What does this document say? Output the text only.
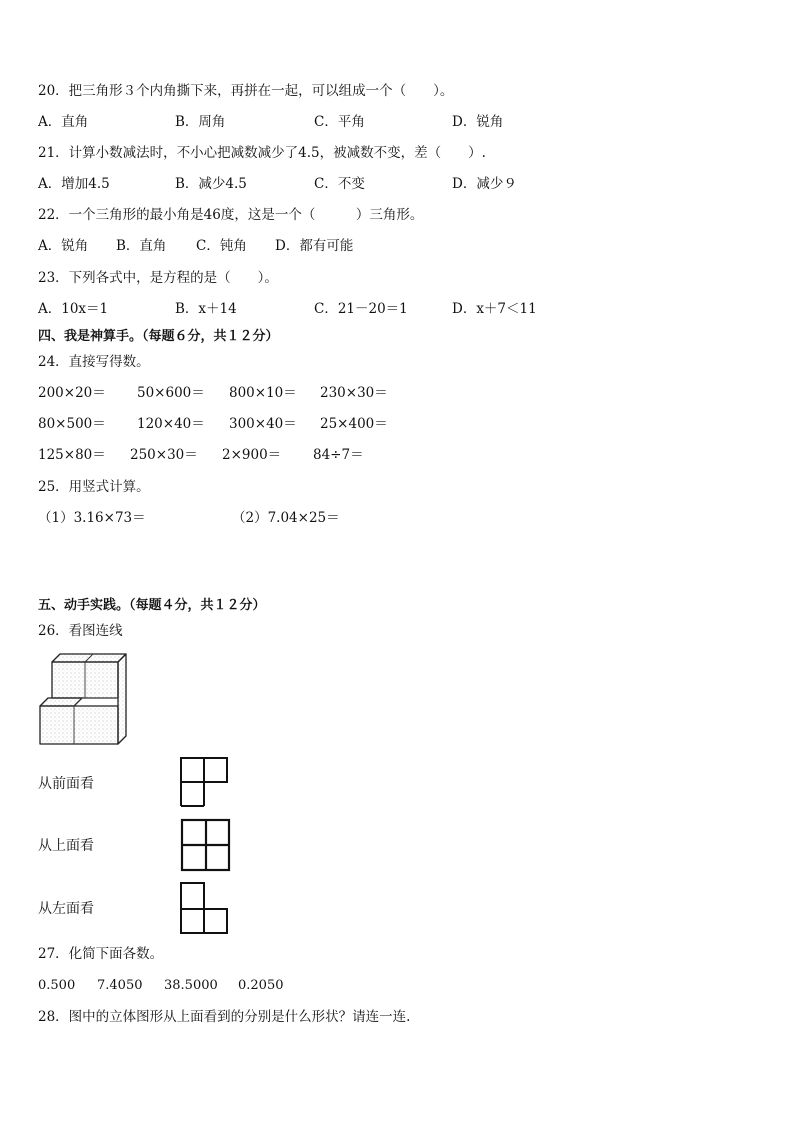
20．把三角形３个内角撕下来，再拼在一起，可以组成一个（　　）。
A．直角	B．周角	C．平角	D．锐角
21．计算小数减法时，不小心把减数减少了4.5，被减数不变，差（　　）.
A．增加4.5	B．减少4.5	C．不变	D．减少９
22．一个三角形的最小角是46度，这是一个（　　　）三角形。
A．锐角 B．直角 C．钝角 D．都有可能
23．下列各式中，是方程的是（　　）。
A．10x＝1	B．x＋14	C．21－20＝1	D．x＋7＜11
四、我是神算手。（每题６分，共１２分）
24．直接写得数。
200×20＝ 50×600＝ 800×10＝ 230×30＝
80×500＝ 120×40＝ 300×40＝ 25×400＝
125×80＝ 250×30＝ 2×900＝ 84÷7＝
25．用竖式计算。
（1）3.16×73＝	（2）7.04×25＝
五、动手实践。（每题４分，共１２分）
26．看图连线
从前面看
从上面看
从左面看
27．化简下面各数。
0.500 7.4050 38.5000 0.2050
28．图中的立体图形从上面看到的分别是什么形状？请连一连.
